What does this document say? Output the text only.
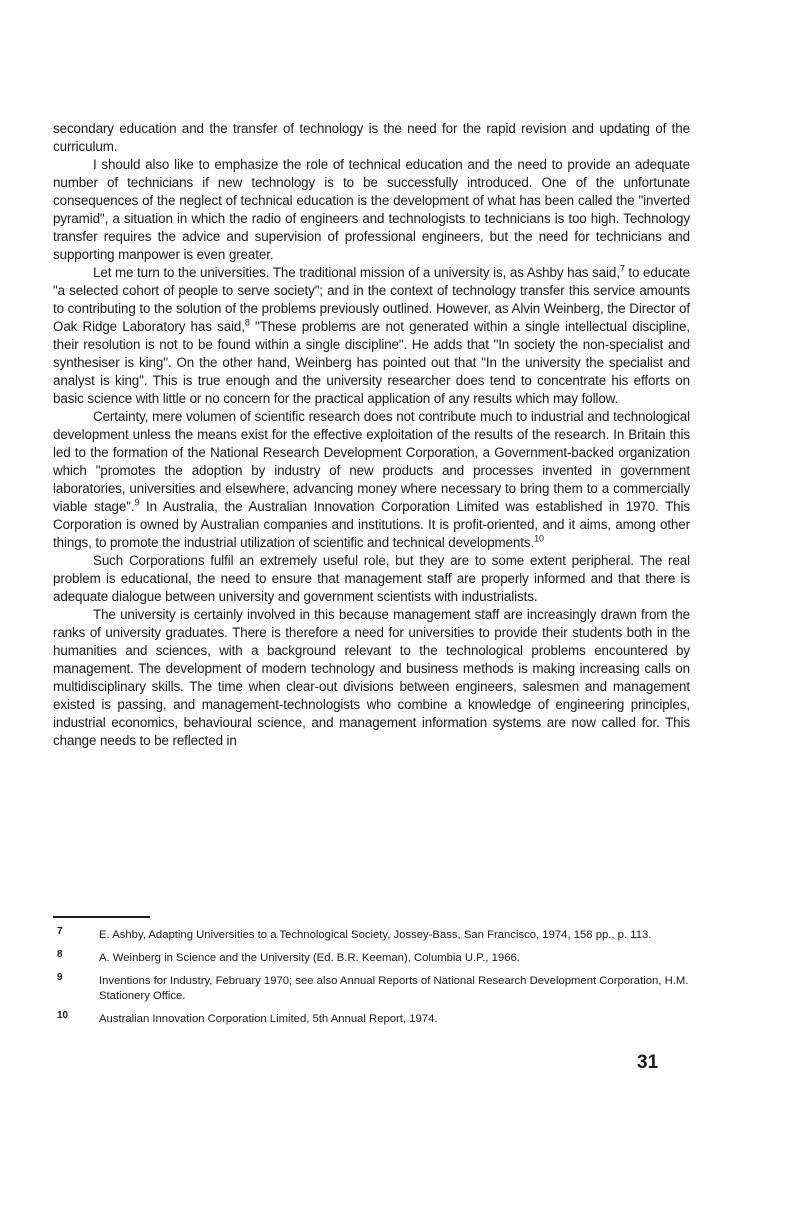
secondary education and the transfer of technology is the need for the rapid revision and updating of the curriculum.

I should also like to emphasize the role of technical education and the need to provide an adequate number of technicians if new technology is to be successfully introduced. One of the unfortunate consequences of the neglect of technical education is the development of what has been called the "inverted pyramid", a situation in which the radio of engineers and technologists to technicians is too high. Technology transfer requires the advice and supervision of professional engineers, but the need for technicians and supporting manpower is even greater.

Let me turn to the universities. The traditional mission of a university is, as Ashby has said,$^7$ to educate "a selected cohort of people to serve society"; and in the context of technology transfer this service amounts to contributing to the solution of the problems previously outlined. However, as Alvin Weinberg, the Director of Oak Ridge Laboratory has said,$^8$ "These problems are not generated within a single intellectual discipline, their resolution is not to be found within a single discipline". He adds that "In society the non-specialist and synthesiser is king". On the other hand, Weinberg has pointed out that "In the university the specialist and analyst is king". This is true enough and the university researcher does tend to concentrate his efforts on basic science with little or no concern for the practical application of any results which may follow.

Certainty, mere volumen of scientific research does not contribute much to industrial and technological development unless the means exist for the effective exploitation of the results of the research. In Britain this led to the formation of the National Research Development Corporation, a Government-backed organization which "promotes the adoption by industry of new products and processes invented in government laboratories, universities and elsewhere, advancing money where necessary to bring them to a commercially viable stage".$^9$ In Australia, the Australian Innovation Corporation Limited was established in 1970. This Corporation is owned by Australian companies and institutions. It is profit-oriented, and it aims, among other things, to promote the industrial utilization of scientific and technical developments.$^{10}$

Such Corporations fulfil an extremely useful role, but they are to some extent peripheral. The real problem is educational, the need to ensure that management staff are properly informed and that there is adequate dialogue between university and government scientists with industrialists.

The university is certainly involved in this because management staff are increasingly drawn from the ranks of university graduates. There is therefore a need for universities to provide their students both in the humanities and sciences, with a background relevant to the technological problems encountered by management. The development of modern technology and business methods is making increasing calls on multidisciplinary skills. The time when clear-out divisions between engineers, salesmen and management existed is passing, and management-technologists who combine a knowledge of engineering principles, industrial economics, behavioural science, and management information systems are now called for. This change needs to be reflected in

7	E. Ashby, Adapting Universities to a Technological Society, Jossey-Bass, San Francisco, 1974, 158 pp., p. 113.
8	A. Weinberg in Science and the University (Ed. B.R. Keeman), Columbia U.P., 1966.
9	Inventions for Industry, February 1970; see also Annual Reports of National Research Development Corporation, H.M. Stationery Office.
10	Australian Innovation Corporation Limited, 5th Annual Report, 1974.
31
